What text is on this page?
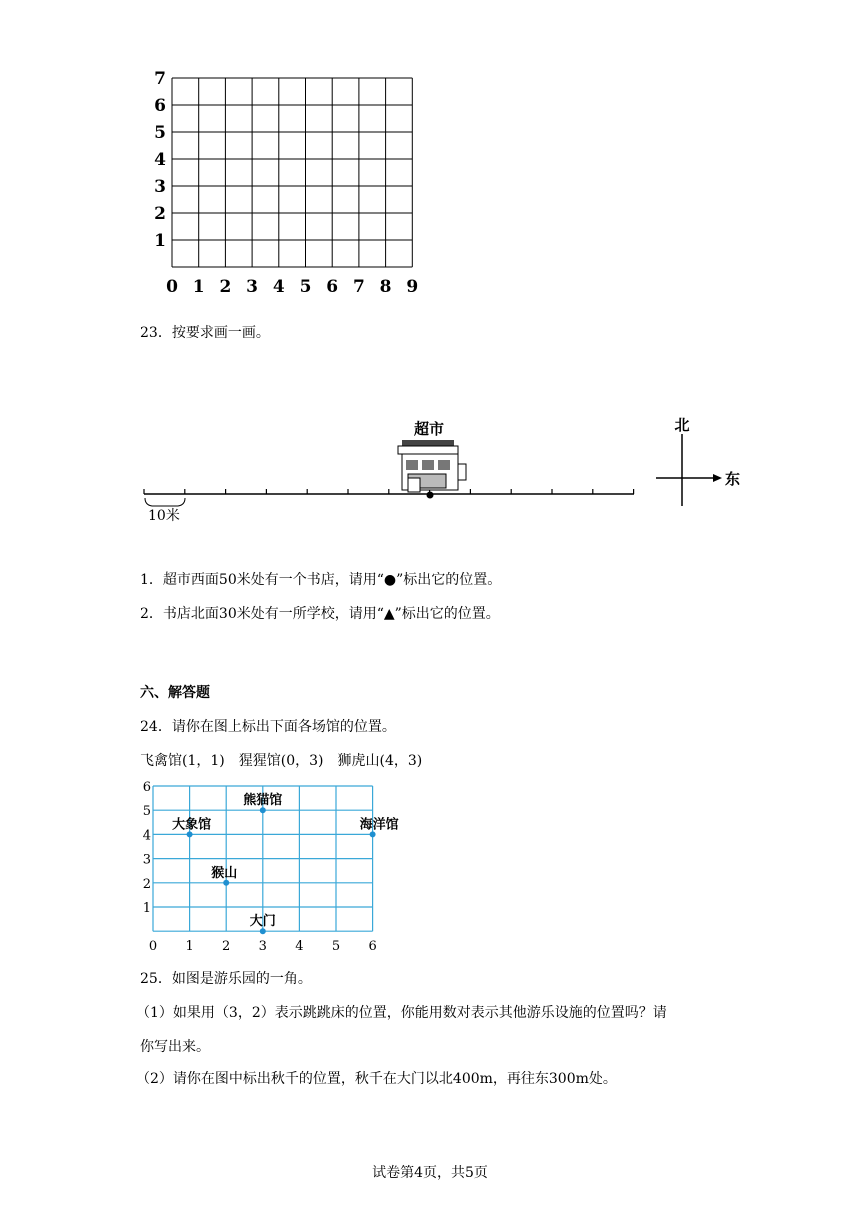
7
6
5
4
3
2
1
0 1 2 3 4 5 6 7 8 9
23．按要求画一画。
10米
超市	北
东
1．超市西面50米处有一个书店，请用“●”标出它的位置。
2．书店北面30米处有一所学校，请用“▲”标出它的位置。
六、解答题
24．请你在图上标出下面各场馆的位置。
飞禽馆(1，1)　猩猩馆(0，3)　狮虎山(4，3)
6
5
4
3
2
1
0 1 2 3 4 5 6
熊猫馆
大象馆	海洋馆
猴山
大门
25．如图是游乐园的一角。
（1）如果用（3，2）表示跳跳床的位置，你能用数对表示其他游乐设施的位置吗？请
你写出来。
（2）请你在图中标出秋千的位置，秋千在大门以北400m，再往东300m处。
试卷第4页，共5页
